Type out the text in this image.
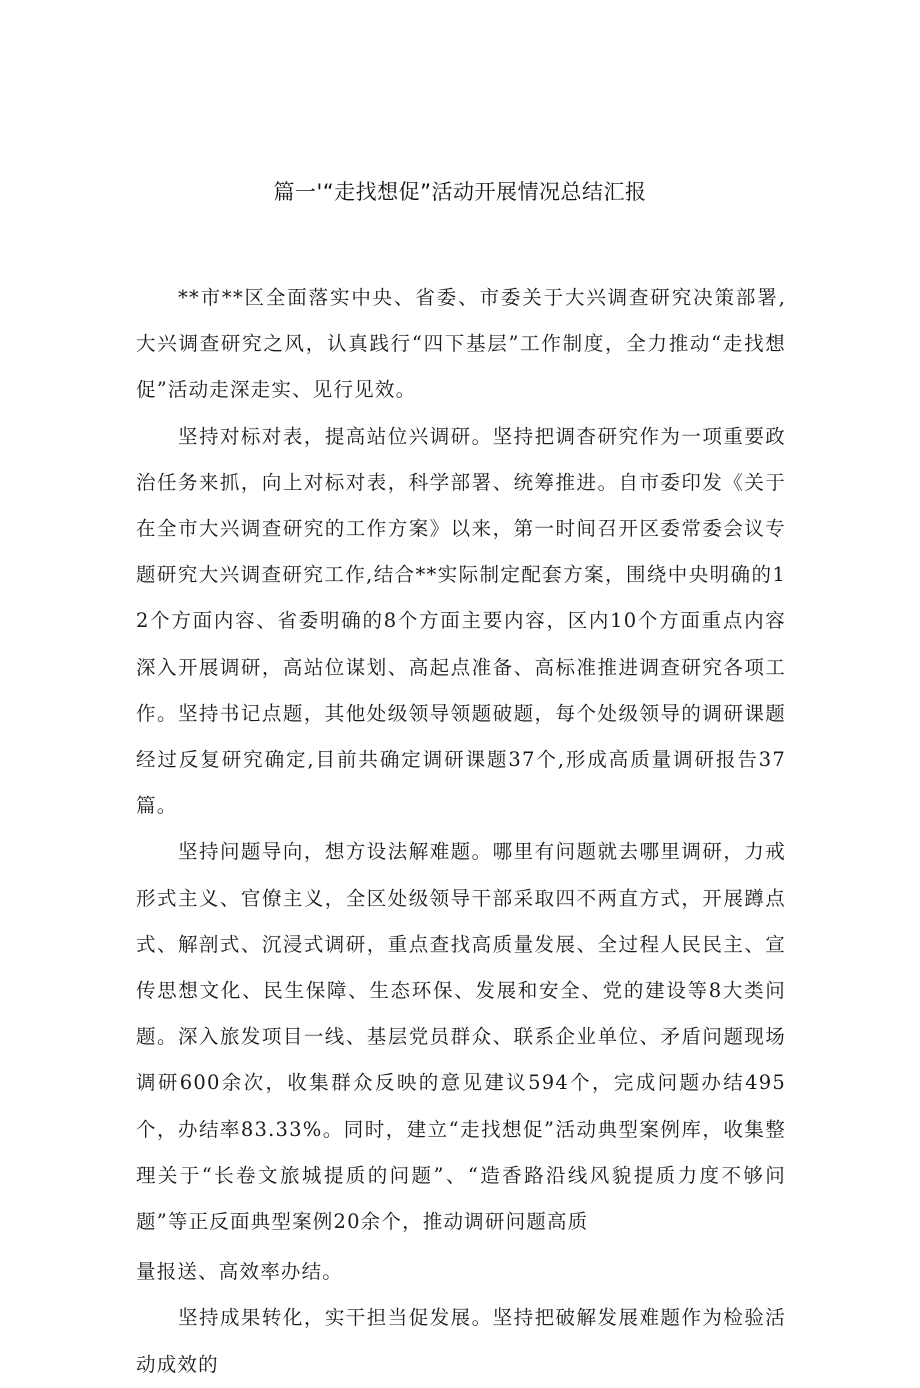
篇一'“走找想促”活动开展情况总结汇报

**市**区全面落实中央、省委、市委关于大兴调查研究决策部署,大兴调查研究之风，认真践行“四下基层”工作制度，全力推动“走找想促”活动走深走实、见行见效。

坚持对标对表，提高站位兴调研。坚持把调杳研究作为一项重要政治任务来抓，向上对标对表，科学部署、统筹推进。自市委印发《关于在全市大兴调查研究的工作方案》以来，第一时间召开区委常委会议专题研究大兴调查研究工作,结合**实际制定配套方案，围绕中央明确的12个方面内容、省委明确的8个方面主要内容，区内10个方面重点内容深入开展调研，高站位谋划、高起点准备、高标准推进调查研究各项工作。坚持书记点题，其他处级领导领题破题，每个处级领导的调研课题经过反复研究确定,目前共确定调研课题37个,形成高质量调研报告37篇。

坚持问题导向，想方设法解难题。哪里有问题就去哪里调研，力戒形式主义、官僚主义，全区处级领导干部采取四不两直方式，开展蹲点式、解剖式、沉浸式调研，重点查找高质量发展、全过程人民民主、宣传思想文化、民生保障、生态环保、发展和安全、党的建设等8大类问题。深入旅发项目一线、基层党员群众、联系企业单位、矛盾问题现场调研600余次，收集群众反映的意见建议594个，完成问题办结495个，办结率83.33%。同时，建立“走找想促”活动典型案例库，收集整理关于“长卷文旅城提质的问题”、“造香路沿线风貌提质力度不够问题”等正反面典型案例20余个，推动调研问题高质

量报送、高效率办结。

坚持成果转化，实干担当促发展。坚持把破解发展难题作为检验活动成效的
